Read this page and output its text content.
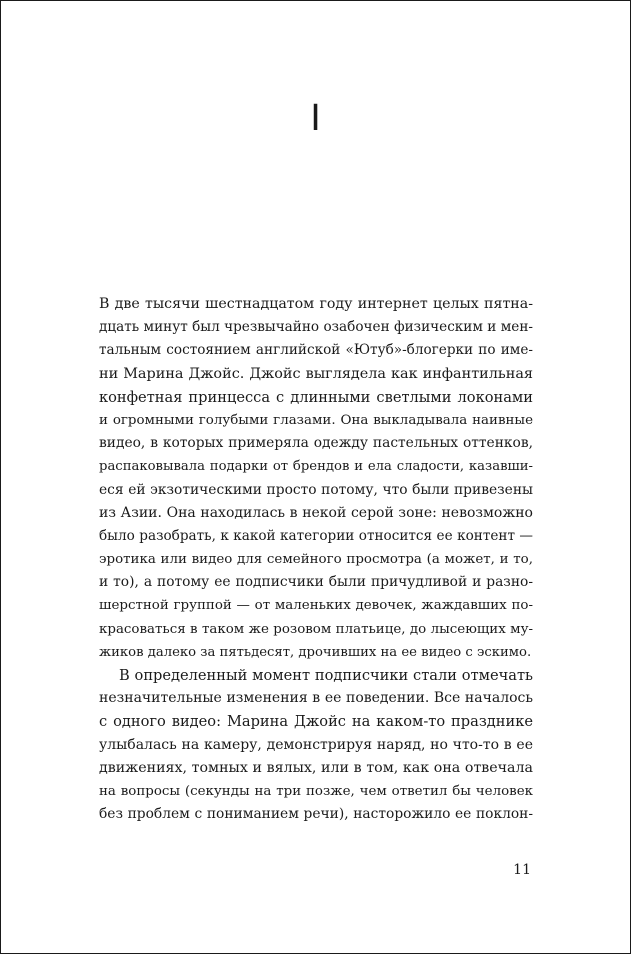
I
В две тысячи шестнадцатом году интернет целых пятна-
дцать минут был чрезвычайно озабочен физическим и мен-
тальным состоянием английской «Ютуб»-блогерки по име-
ни Марина Джойс. Джойс выглядела как инфантильная
конфетная принцесса с длинными светлыми локонами
и огромными голубыми глазами. Она выкладывала наивные
видео, в которых примеряла одежду пастельных оттенков,
распаковывала подарки от брендов и ела сладости, казавши-
еся ей экзотическими просто потому, что были привезены
из Азии. Она находилась в некой серой зоне: невозможно
было разобрать, к какой категории относится ее контент —
эротика или видео для семейного просмотра (а может, и то,
и то), а потому ее подписчики были причудливой и разно-
шерстной группой — от маленьких девочек, жаждавших по-
красоваться в таком же розовом платьице, до лысеющих му-
жиков далеко за пятьдесят, дрочивших на ее видео с эскимо.
В определенный момент подписчики стали отмечать
незначительные изменения в ее поведении. Все началось
с одного видео: Марина Джойс на каком-то празднике
улыбалась на камеру, демонстрируя наряд, но что-то в ее
движениях, томных и вялых, или в том, как она отвечала
на вопросы (секунды на три позже, чем ответил бы человек
без проблем с пониманием речи), насторожило ее поклон-
11
